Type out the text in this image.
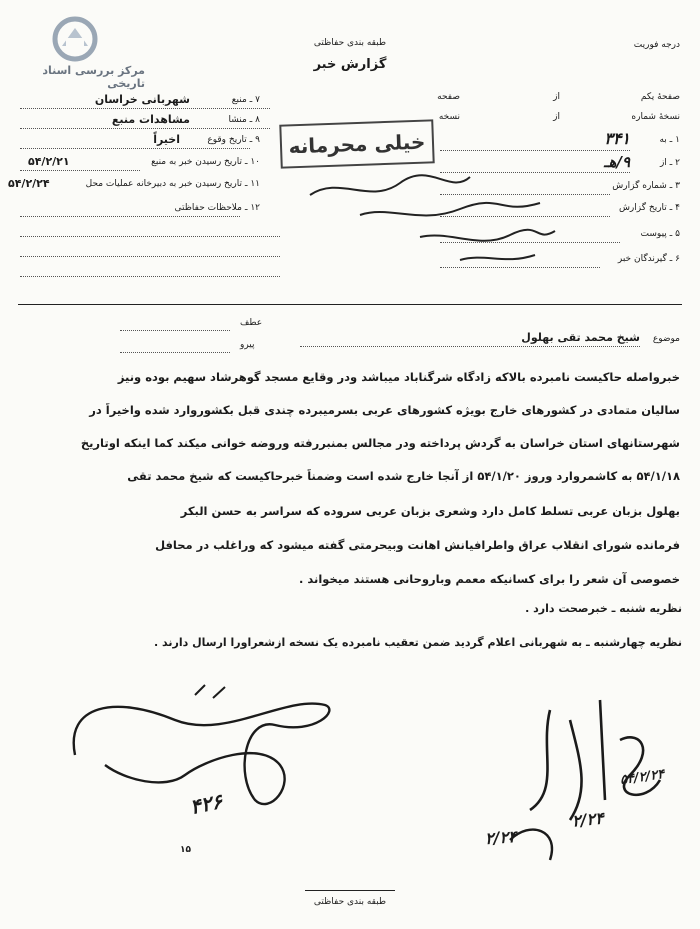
مرکز بررسی اسناد تاریخی
طبقه بندی حفاظتی
گزارش خبر
درجه فوریت
۷ ـ منبع
شهربانی خراسان
۸ ـ منشا
مشاهدات منبع
۹ ـ تاریخ وقوع
اخیراً
۱۰ ـ تاریخ رسیدن خبر به منبع
۵۴/۲/۲۱
۱۱ ـ تاریخ رسیدن خبر به دبیرخانه عملیات محل
۵۴/۲/۲۴
۱۲ ـ ملاحظات حفاظتی
صفحهٔ یکم
از
صفحه
نسخهٔ شماره
از
نسخه
۱ ـ به
۳۴۱
۲ ـ از
۹/هـ
۳ ـ شماره گزارش
۴ ـ تاریخ گزارش
۵ ـ پیوست
۶ ـ گیرندگان خبر
خیلی محرمانه
عطف
پیرو
موضوع
شیخ محمد تقی بهلول
خبرواصله حاکیست نامبرده بالاکه زادگاه شرگناباد میباشد ودر وقایع مسجد گوهرشاد سهیم بوده ونیز
سالیان متمادی در کشورهای خارج بویژه کشورهای عربی بسرمیبرده چندی قبل بکشوروارد شده واخیراً در
شهرستانهای استان خراسان به گردش پرداخته ودر مجالس بمنبررفته وروضه خوانی میکند کما اینکه اوتاریخ
۵۴/۱/۱۸ به کاشمروارد وروز ۵۴/۱/۲۰ از آنجا خارج شده است وضمناً خبرحاکیست که شیخ محمد تقی
بهلول بزبان عربی تسلط کامل دارد وشعری بزبان عربی سروده که سراسر به حسن البکر
فرمانده شورای انقلاب عراق واطرافیانش اهانت وبیحرمتی گفته میشود که وراغلب در محافل
خصوصی آن شعر را برای کسانیکه معمم وباروحانی هستند میخواند .
نظریه شنبه ـ خبرصحت دارد .
نظریه چهارشنبه ـ به شهربانی اعلام گردید ضمن تعقیب نامبرده یک نسخه ازشعراورا ارسال دارند .
۴۲۶
۱۵
۵۴/۲/۲۴
۲/۲۴
۲/۲۴
طبقه بندی حفاظتی
